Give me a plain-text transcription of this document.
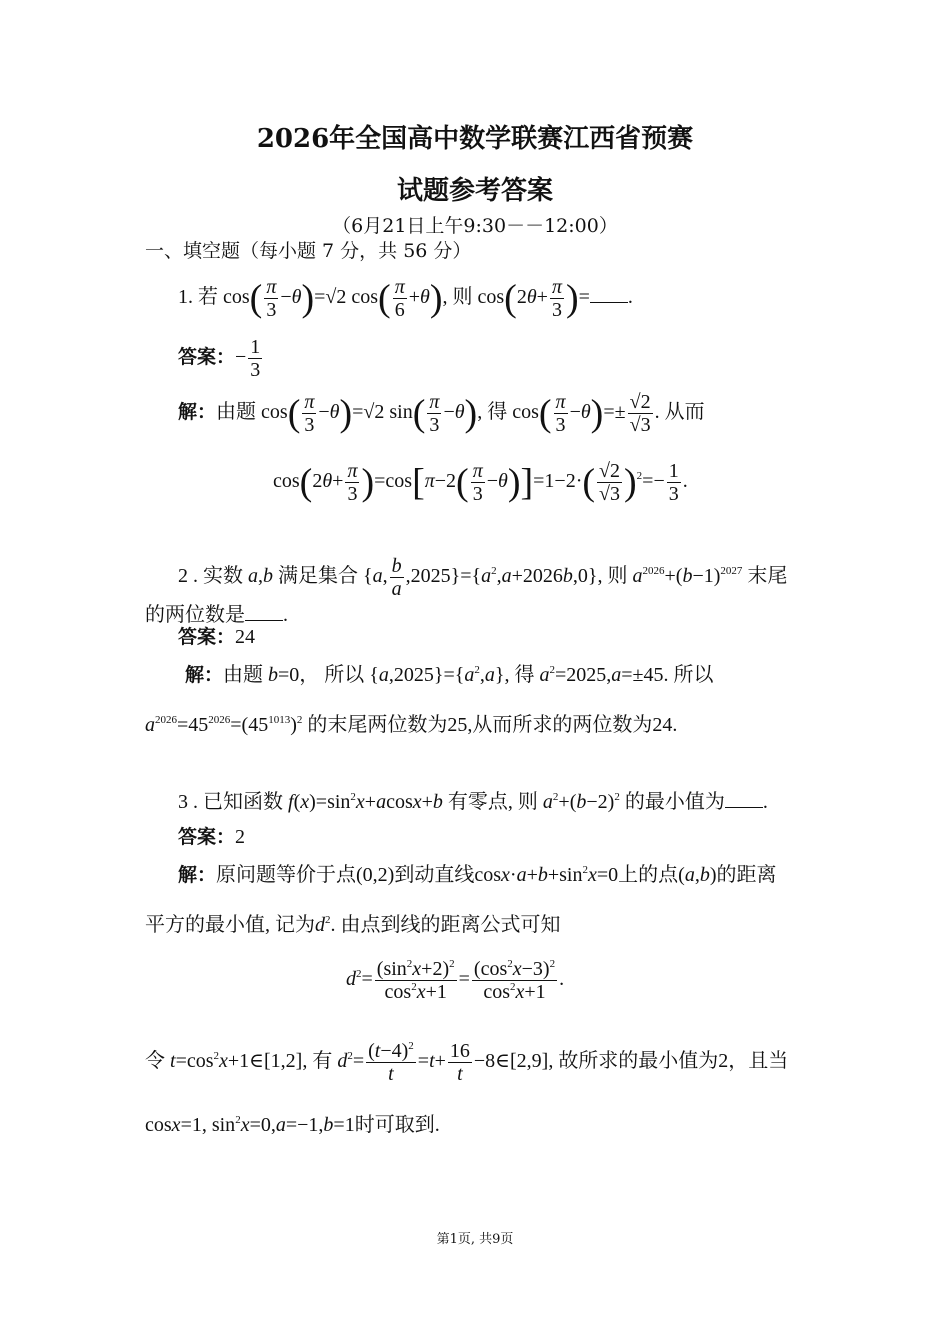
2026年全国高中数学联赛江西省预赛
试题参考答案
（6月21日上午9:30－－12:00）
一、填空题（每小题 7 分，共 56 分）
1. 若 $\cos( \frac{\pi}{3} -\theta)=√2$ $\cos( \frac{\pi}{6} +\theta)$, 则 $\cos(2\theta+ \frac{\pi}{3}$ )= .
答案：− $\frac{1}{3}$
解：由题 $\cos( \frac{\pi}{3} -\theta)=√2$ $\sin( \frac{\pi}{3} -\theta)$, 得 $\cos( \frac{\pi}{3} -\theta)=\pm \frac{√2}{√3}$ . 从而
$\cos(2\theta+ \frac{\pi}{3} )=\cos[\pi-2( \frac{\pi}{3} -\theta)]=1-2\cdot( \frac{√2}{√3} )^2=- \frac{1}{3}$ .
2 . 实数 a,b 满足集合 {a, $\frac{b}{a} ,2025\}=\{a^2,a+2026b,0\}$, 则 $a^{2026}+(b-1)^{2027}$ 末尾
的两位数是 .
答案：24
解：由题 b=0， 所以 $\{a,2025\}=\{a^2,a\}$, 得 $a^2=2025,a=\pm 45$. 所以
$a^{2026}=45^{2026}=(45^{1013})^2$ 的末尾两位数为25,从而所求的两位数为24.
3 . 已知函数 $f(x)=\sin^2x+acosx+b$ 有零点, 则 $a^2+(b-2)^2$ 的最小值为 .
答案：2
解：原问题等价于点(0,2)到动直线$\cos x\cdot a+b+\sin^2x=0$上的点(a,b)的距离
平方的最小值, 记为$d^2$. 由点到线的距离公式可知
$d^2= \frac{(\sin^2x+2)^2}{\cos^2x+1} = \frac{(\cos^2x-3)^2}{\cos^2x+1}$ .
令 $t=\cos^2x+1\in[1,2]$, 有 $d^2= \frac{(t-4)^2}{t} =t+ \frac{16}{t}$ −8∈[2,9], 故所求的最小值为2，且当
cosx=1, $\sin^2x=0,a=-1,b=1$时可取到.
第1页, 共9页
